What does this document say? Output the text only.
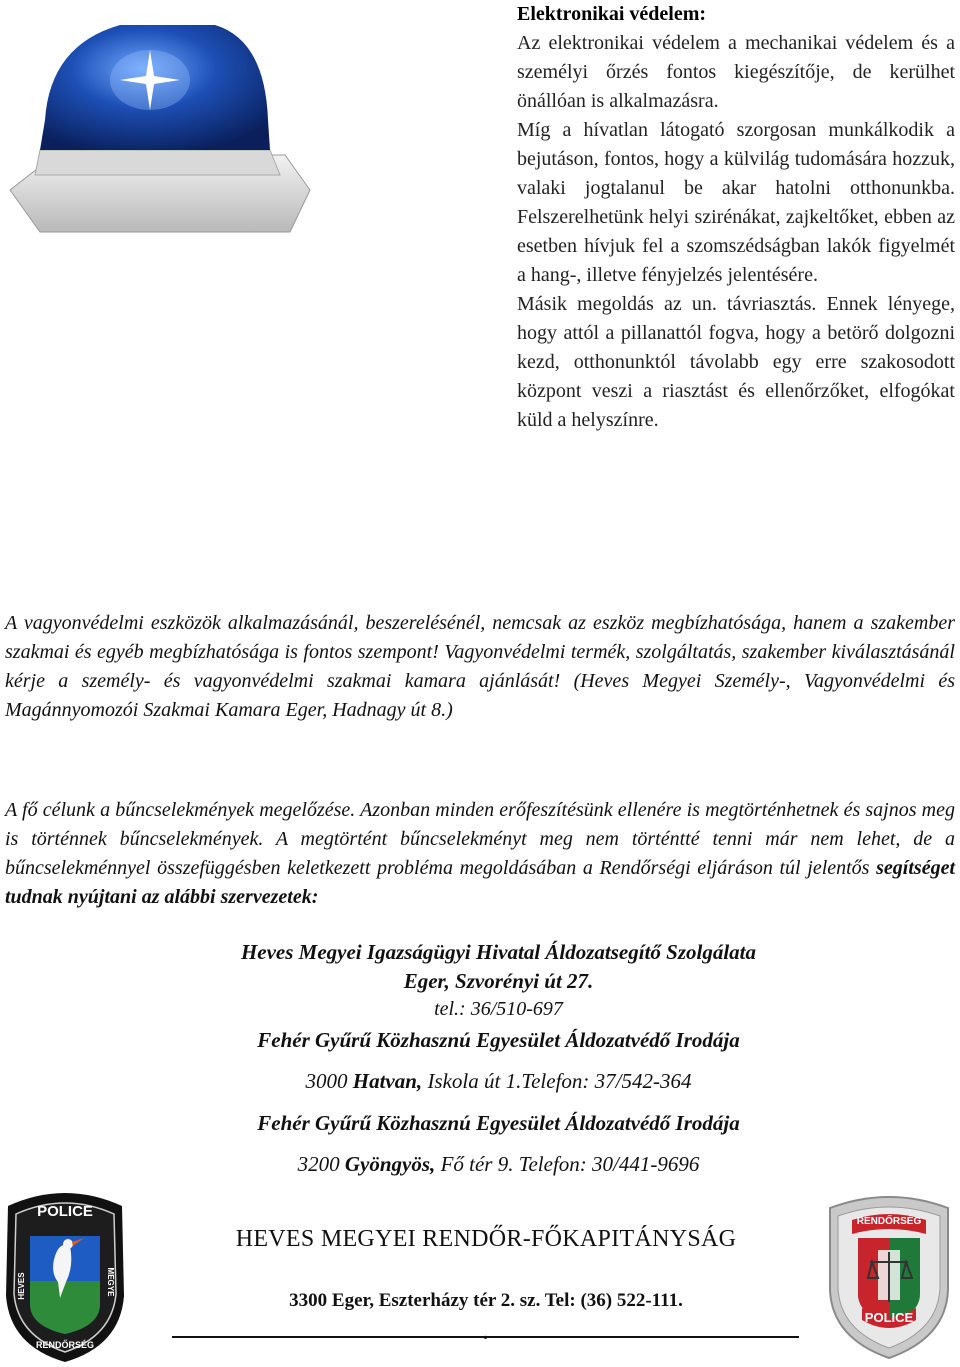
Elektronikai védelem:

Az elektronikai védelem a mechanikai védelem és a személyi őrzés fontos kiegészítője, de kerülhet önállóan is alkalmazásra.

Míg a hívatlan látogató szorgosan munkálkodik a bejutáson, fontos, hogy a külvilág tudomására hozzuk, valaki jogtalanul be akar hatolni otthonunkba. Felszerelhetünk helyi szirénákat, zajkeltőket, ebben az esetben hívjuk fel a szomszédságban lakók figyelmét a hang-, illetve fényjelzés jelentésére.

Másik megoldás az un. távriasztás. Ennek lényege, hogy attól a pillanattól fogva, hogy a betörő dolgozni kezd, otthonunktól távolabb egy erre szakosodott központ veszi a riasztást és ellenőrzőket, elfogókat küld a helyszínre.

A vagyonvédelmi eszközök alkalmazásánál, beszerelésénél, nemcsak az eszköz megbízhatósága, hanem a szakember szakmai és egyéb megbízhatósága is fontos szempont! Vagyonvédelmi termék, szolgáltatás, szakember kiválasztásánál kérje a személy- és vagyonvédelmi szakmai kamara ajánlását! (Heves Megyei Személy-, Vagyonvédelmi és Magánnyomozói Szakmai Kamara Eger, Hadnagy út 8.)

A fő célunk a bűncselekmények megelőzése. Azonban minden erőfeszítésünk ellenére is megtörténhetnek és sajnos meg is történnek bűncselekmények. A megtörtént bűncselekményt meg nem történtté tenni már nem lehet, de a bűncselekménnyel összefüggésben keletkezett probléma megoldásában a Rendőrségi eljáráson túl jelentős segítséget tudnak nyújtani az alábbi szervezetek:

Heves Megyei Igazságügyi Hivatal Áldozatsegítő Szolgálata
Eger, Szvorényi út 27.
tel.: 36/510-697
Fehér Gyűrű Közhasznú Egyesület Áldozatvédő Irodája
3000 Hatvan, Iskola út 1.Telefon: 37/542-364
Fehér Gyűrű Közhasznú Egyesület Áldozatvédő Irodája
3200 Gyöngyös, Fő tér 9. Telefon: 30/441-9696
POLICE
HEVES	MEGYE
RENDŐRSÉG
HEVES MEGYEI RENDŐR-FŐKAPITÁNYSÁG
3300 Eger, Eszterházy tér 2. sz. Tel: (36) 522-111.
.
RENDŐRSÉG
POLICE
